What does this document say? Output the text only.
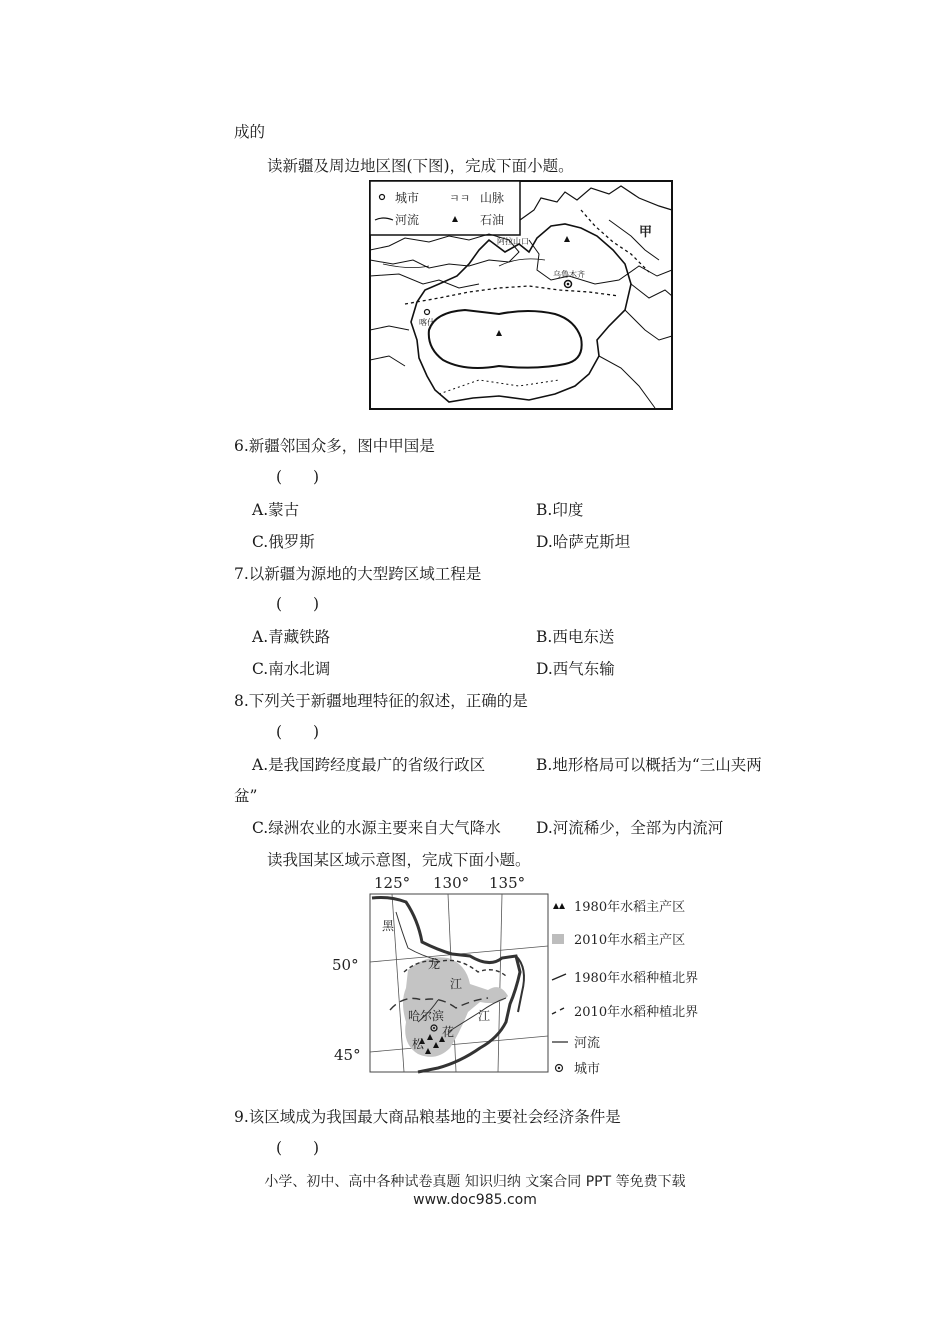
成的
读新疆及周边地区图(下图)，完成下面小题。
城市	ㅋㅋ 山脉
河流	石油
乌鲁木齐
喀什
阿拉山口
甲
6.新疆邻国众多，图中甲国是
(　　)
A.蒙古	B.印度
C.俄罗斯	D.哈萨克斯坦
7.以新疆为源地的大型跨区域工程是
(　　)
A.青藏铁路	B.西电东送
C.南水北调	D.西气东输
8.下列关于新疆地理特征的叙述，正确的是
(　　)
A.是我国跨经度最广的省级行政区	B.地形格局可以概括为“三山夹两
盆”
C.绿洲农业的水源主要来自大气降水 D.河流稀少，全部为内流河
读我国某区域示意图，完成下面小题。
125° 130° 135°
50°
45°
黑
龙
江
江
哈尔滨
花
松
1980年水稻主产区
2010年水稻主产区
1980年水稻种植北界
2010年水稻种植北界
河流
城市
9.该区域成为我国最大商品粮基地的主要社会经济条件是
(　　)
小学、初中、高中各种试卷真题 知识归纳 文案合同 PPT 等免费下载
www.doc985.com
